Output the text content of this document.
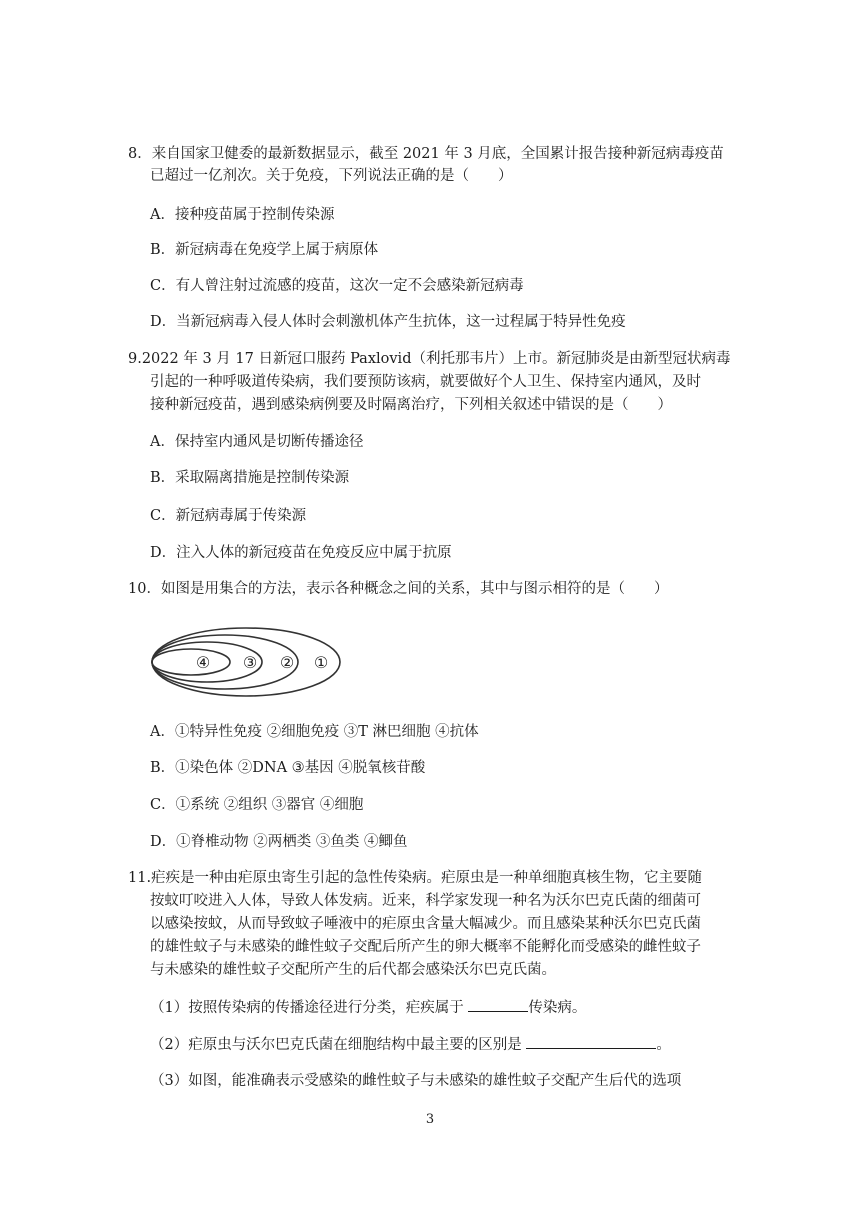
8．来自国家卫健委的最新数据显示，截至 2021 年 3 月底，全国累计报告接种新冠病毒疫苗
已超过一亿剂次。关于免疫，下列说法正确的是（　　）
A．接种疫苗属于控制传染源
B．新冠病毒在免疫学上属于病原体
C．有人曾注射过流感的疫苗，这次一定不会感染新冠病毒
D．当新冠病毒入侵人体时会刺激机体产生抗体，这一过程属于特异性免疫
9.2022 年 3 月 17 日新冠口服药 Paxlovid（利托那韦片）上市。新冠肺炎是由新型冠状病毒
引起的一种呼吸道传染病，我们要预防该病，就要做好个人卫生、保持室内通风，及时
接种新冠疫苗，遇到感染病例要及时隔离治疗，下列相关叙述中错误的是（　　）
A．保持室内通风是切断传播途径
B．采取隔离措施是控制传染源
C．新冠病毒属于传染源
D．注入人体的新冠疫苗在免疫反应中属于抗原
10．如图是用集合的方法，表示各种概念之间的关系，其中与图示相符的是（　　）
④ ③ ② ①
A．①特异性免疫 ②细胞免疫 ③T 淋巴细胞 ④抗体
B．①染色体 ②DNA ③基因 ④脱氧核苷酸
C．①系统 ②组织 ③器官 ④细胞
D．①脊椎动物 ②两栖类 ③鱼类 ④鲫鱼
11.疟疾是一种由疟原虫寄生引起的急性传染病。疟原虫是一种单细胞真核生物，它主要随
按蚊叮咬进入人体，导致人体发病。近来，科学家发现一种名为沃尔巴克氏菌的细菌可
以感染按蚊，从而导致蚊子唾液中的疟原虫含量大幅减少。而且感染某种沃尔巴克氏菌
的雄性蚊子与未感染的雌性蚊子交配后所产生的卵大概率不能孵化而受感染的雌性蚊子
与未感染的雄性蚊子交配所产生的后代都会感染沃尔巴克氏菌。
（1）按照传染病的传播途径进行分类，疟疾属于	传染病。
（2）疟原虫与沃尔巴克氏菌在细胞结构中最主要的区别是	。
（3）如图，能准确表示受感染的雌性蚊子与未感染的雄性蚊子交配产生后代的选项
3
